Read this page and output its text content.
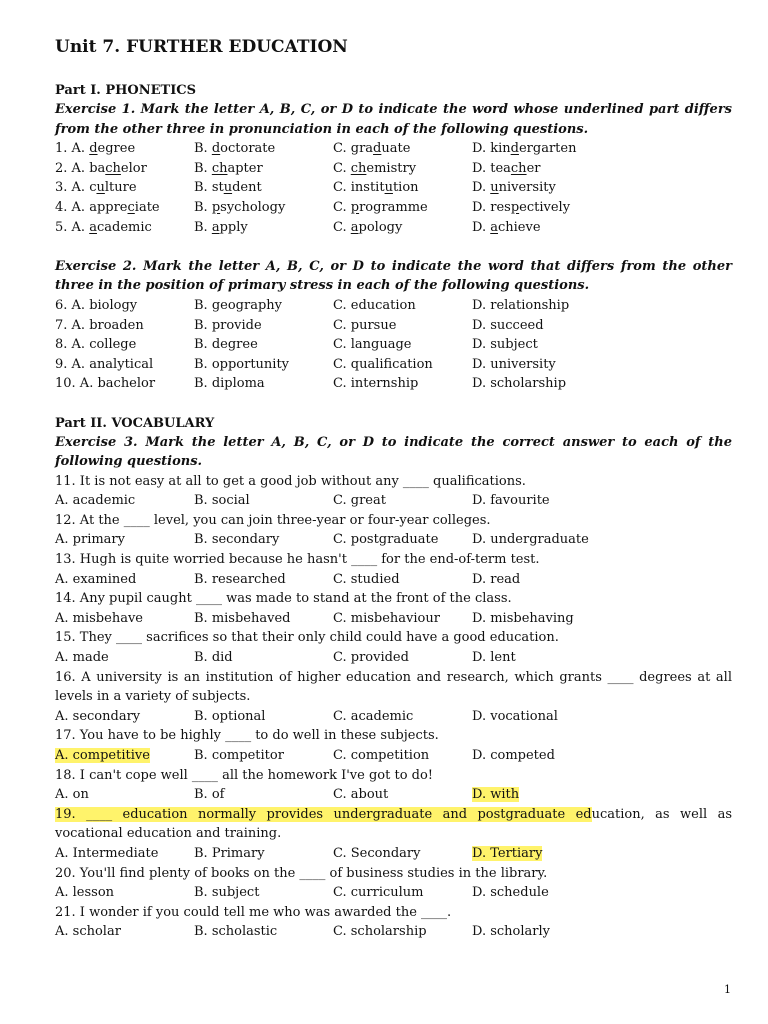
Unit 7. FURTHER EDUCATION
Part I. PHONETICS
Exercise 1. Mark the letter A, B, C, or D to indicate the word whose underlined part differs from the other three in pronunciation in each of the following questions.
1. A. degree	B. doctorate	C. graduate	D. kindergarten
2. A. bachelor	B. chapter	C. chemistry	D. teacher
3. A. culture	B. student	C. institution	D. university
4. A. appreciate	B. psychology	C. programme	D. respectively
5. A. academic	B. apply	C. apology	D. achieve
Exercise 2. Mark the letter A, B, C, or D to indicate the word that differs from the other three in the position of primary stress in each of the following questions.
6. A. biology	B. geography	C. education	D. relationship
7. A. broaden	B. provide	C. pursue	D. succeed
8. A. college	B. degree	C. language	D. subject
9. A. analytical	B. opportunity	C. qualification	D. university
10. A. bachelor	B. diploma	C. internship	D. scholarship
Part II. VOCABULARY
Exercise 3. Mark the letter A, B, C, or D to indicate the correct answer to each of the following questions.
11. It is not easy at all to get a good job without any ____ qualifications.
A. academic	B. social	C. great	D. favourite
12. At the ____ level, you can join three-year or four-year colleges.
A. primary	B. secondary	C. postgraduate	D. undergraduate
13. Hugh is quite worried because he hasn't ____ for the end-of-term test.
A. examined	B. researched	C. studied	D. read
14. Any pupil caught ____ was made to stand at the front of the class.
A. misbehave	B. misbehaved	C. misbehaviour	D. misbehaving
15. They ____ sacrifices so that their only child could have a good education.
A. made	B. did	C. provided	D. lent
16. A university is an institution of higher education and research, which grants ____ degrees at all levels in a variety of subjects.
A. secondary	B. optional	C. academic	D. vocational
17. You have to be highly ____ to do well in these subjects.
A. competitive	B. competitor	C. competition	D. competed
18. I can't cope well ____ all the homework I've got to do!
A. on	B. of	C. about	D. with
19. ____ education normally provides undergraduate and postgraduate education, as well as vocational education and training.
A. Intermediate	B. Primary	C. Secondary	D. Tertiary
20. You'll find plenty of books on the ____ of business studies in the library.
A. lesson	B. subject	C. curriculum	D. schedule
21. I wonder if you could tell me who was awarded the ____.
A. scholar	B. scholastic	C. scholarship	D. scholarly
1
